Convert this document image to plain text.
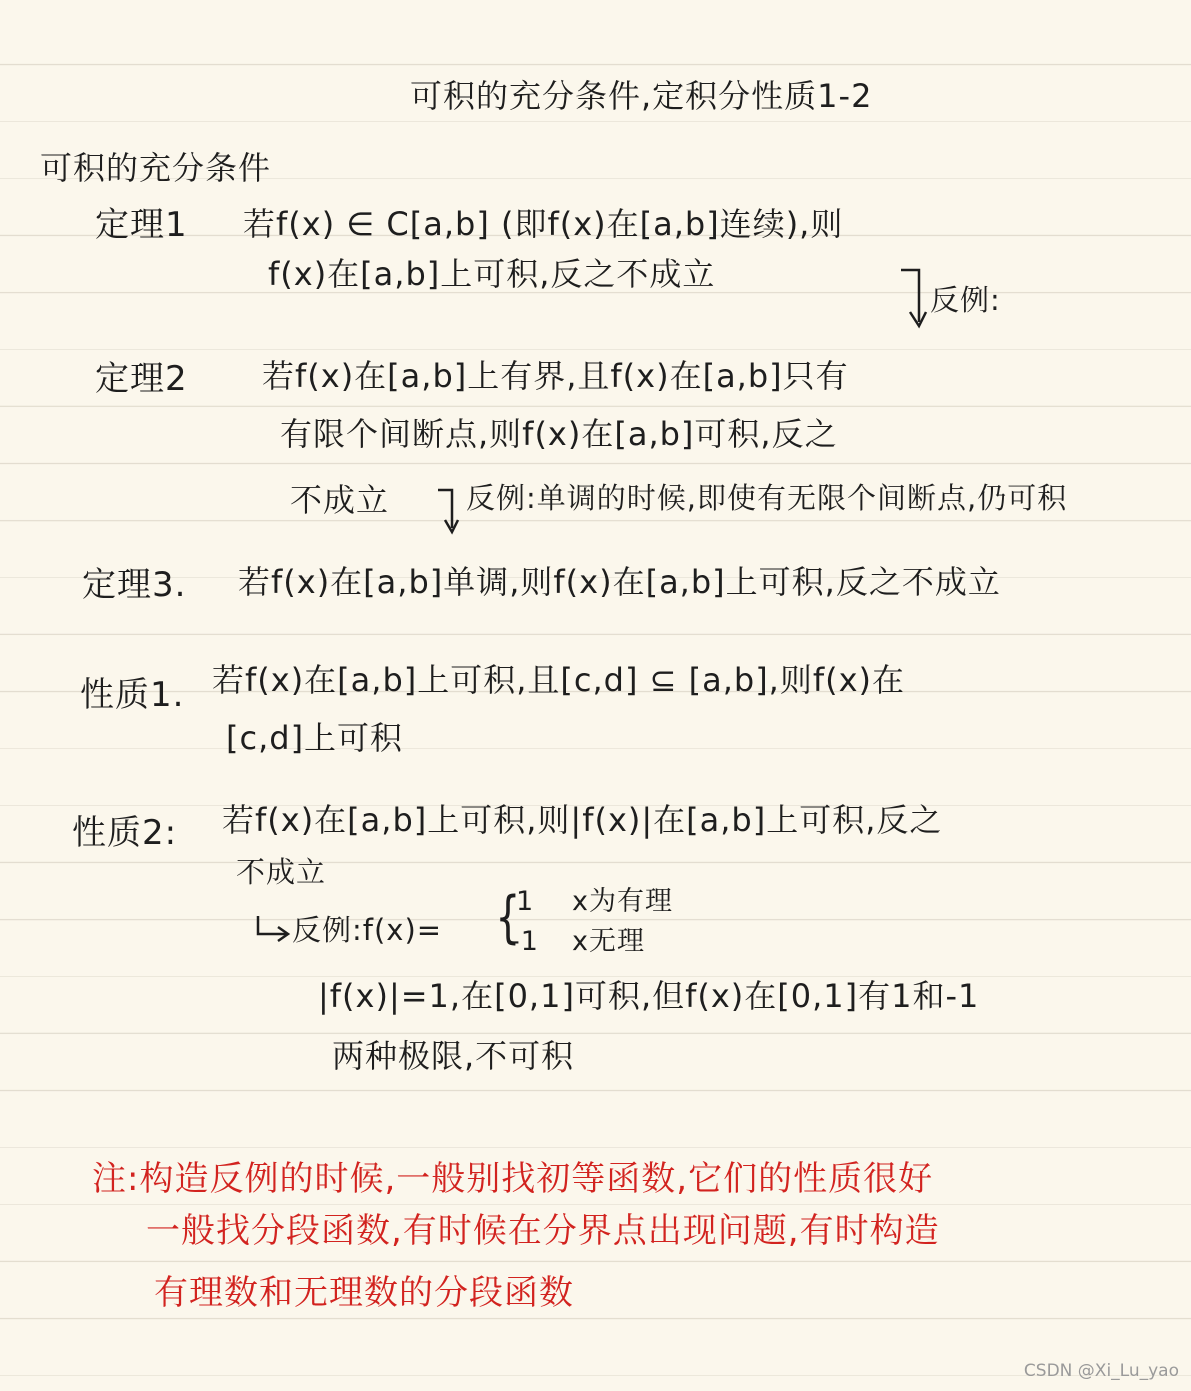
可积的充分条件,定积分性质1-2
可积的充分条件
定理1 若f(x) ∈ C[a,b] (即f(x)在[a,b]连续),则
f(x)在[a,b]上可积,反之不成立
反例:
定理2 若f(x)在[a,b]上有界,且f(x)在[a,b]只有
有限个间断点,则f(x)在[a,b]可积,反之
不成立	反例:单调的时候,即使有无限个间断点,仍可积
定理3. 若f(x)在[a,b]单调,则f(x)在[a,b]上可积,反之不成立
性质1. 若f(x)在[a,b]上可积,且[c,d] ⊆ [a,b],则f(x)在
[c,d]上可积
性质2: 若f(x)在[a,b]上可积,则|f(x)|在[a,b]上可积,反之
不成立
反例:f(x)= {
1 x为有理
-1 x无理
|f(x)|=1,在[0,1]可积,但f(x)在[0,1]有1和-1
两种极限,不可积
注:构造反例的时候,一般别找初等函数,它们的性质很好
一般找分段函数,有时候在分界点出现问题,有时构造
有理数和无理数的分段函数
CSDN @Xi_Lu_yao
